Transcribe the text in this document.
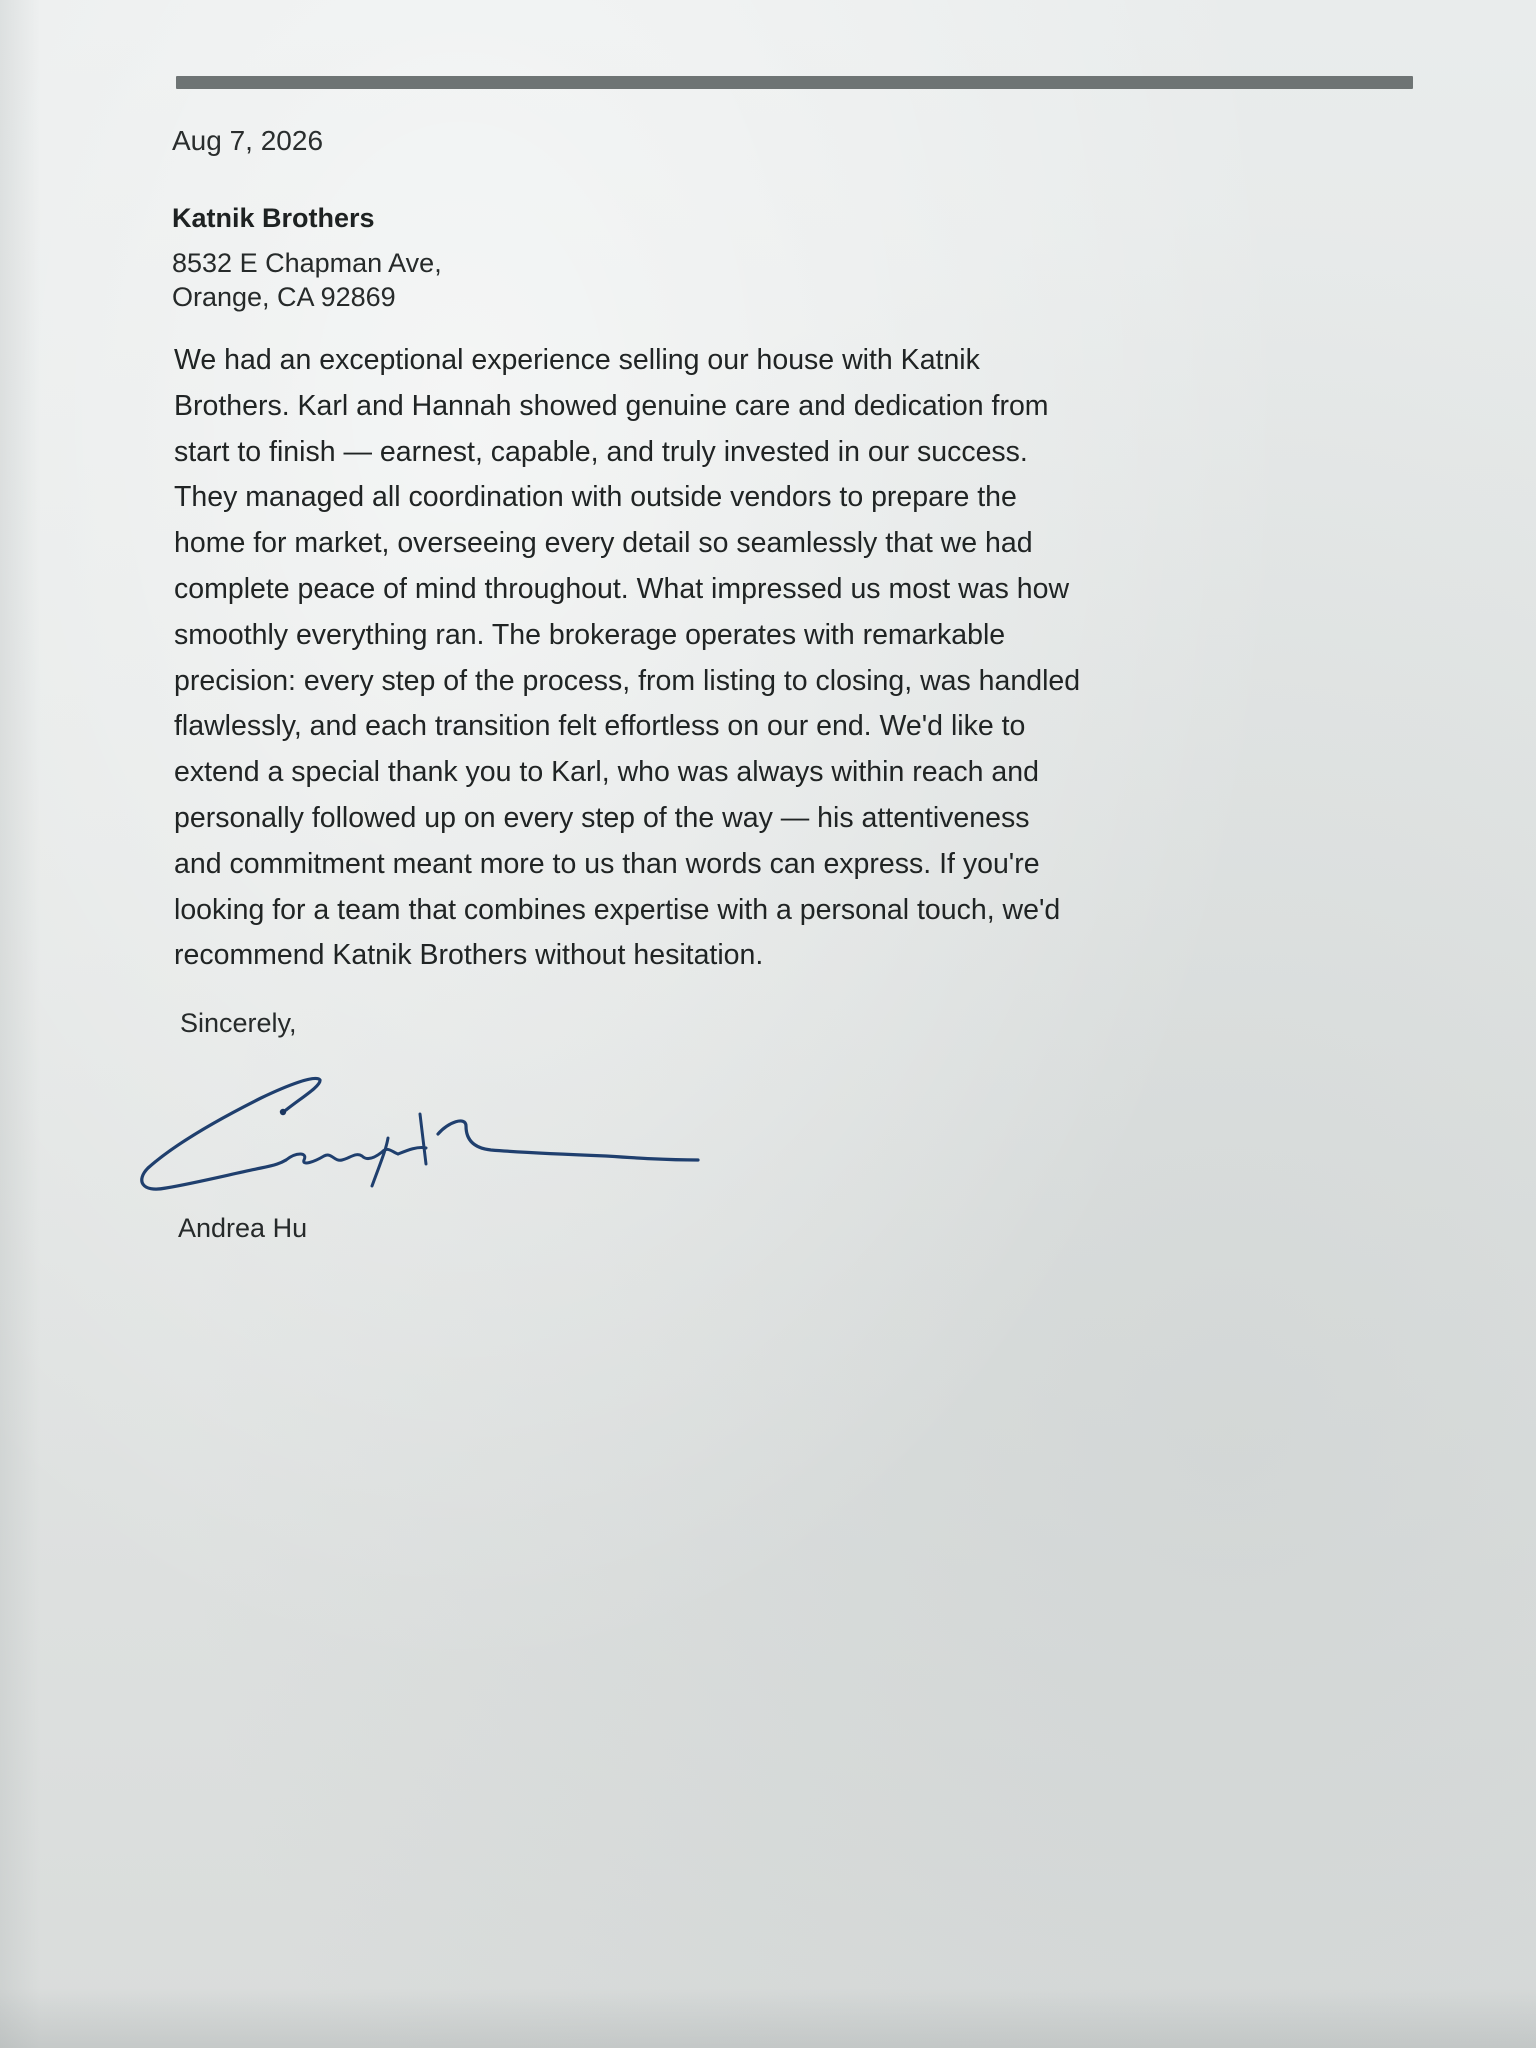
Aug 7, 2026
Katnik Brothers
8532 E Chapman Ave,
Orange, CA 92869
We had an exceptional experience selling our house with Katnik
Brothers. Karl and Hannah showed genuine care and dedication from
start to finish — earnest, capable, and truly invested in our success.
They managed all coordination with outside vendors to prepare the
home for market, overseeing every detail so seamlessly that we had
complete peace of mind throughout. What impressed us most was how
smoothly everything ran. The brokerage operates with remarkable
precision: every step of the process, from listing to closing, was handled
flawlessly, and each transition felt effortless on our end. We'd like to
extend a special thank you to Karl, who was always within reach and
personally followed up on every step of the way — his attentiveness
and commitment meant more to us than words can express. If you're
looking for a team that combines expertise with a personal touch, we'd
recommend Katnik Brothers without hesitation.
Sincerely,
Andrea Hu
